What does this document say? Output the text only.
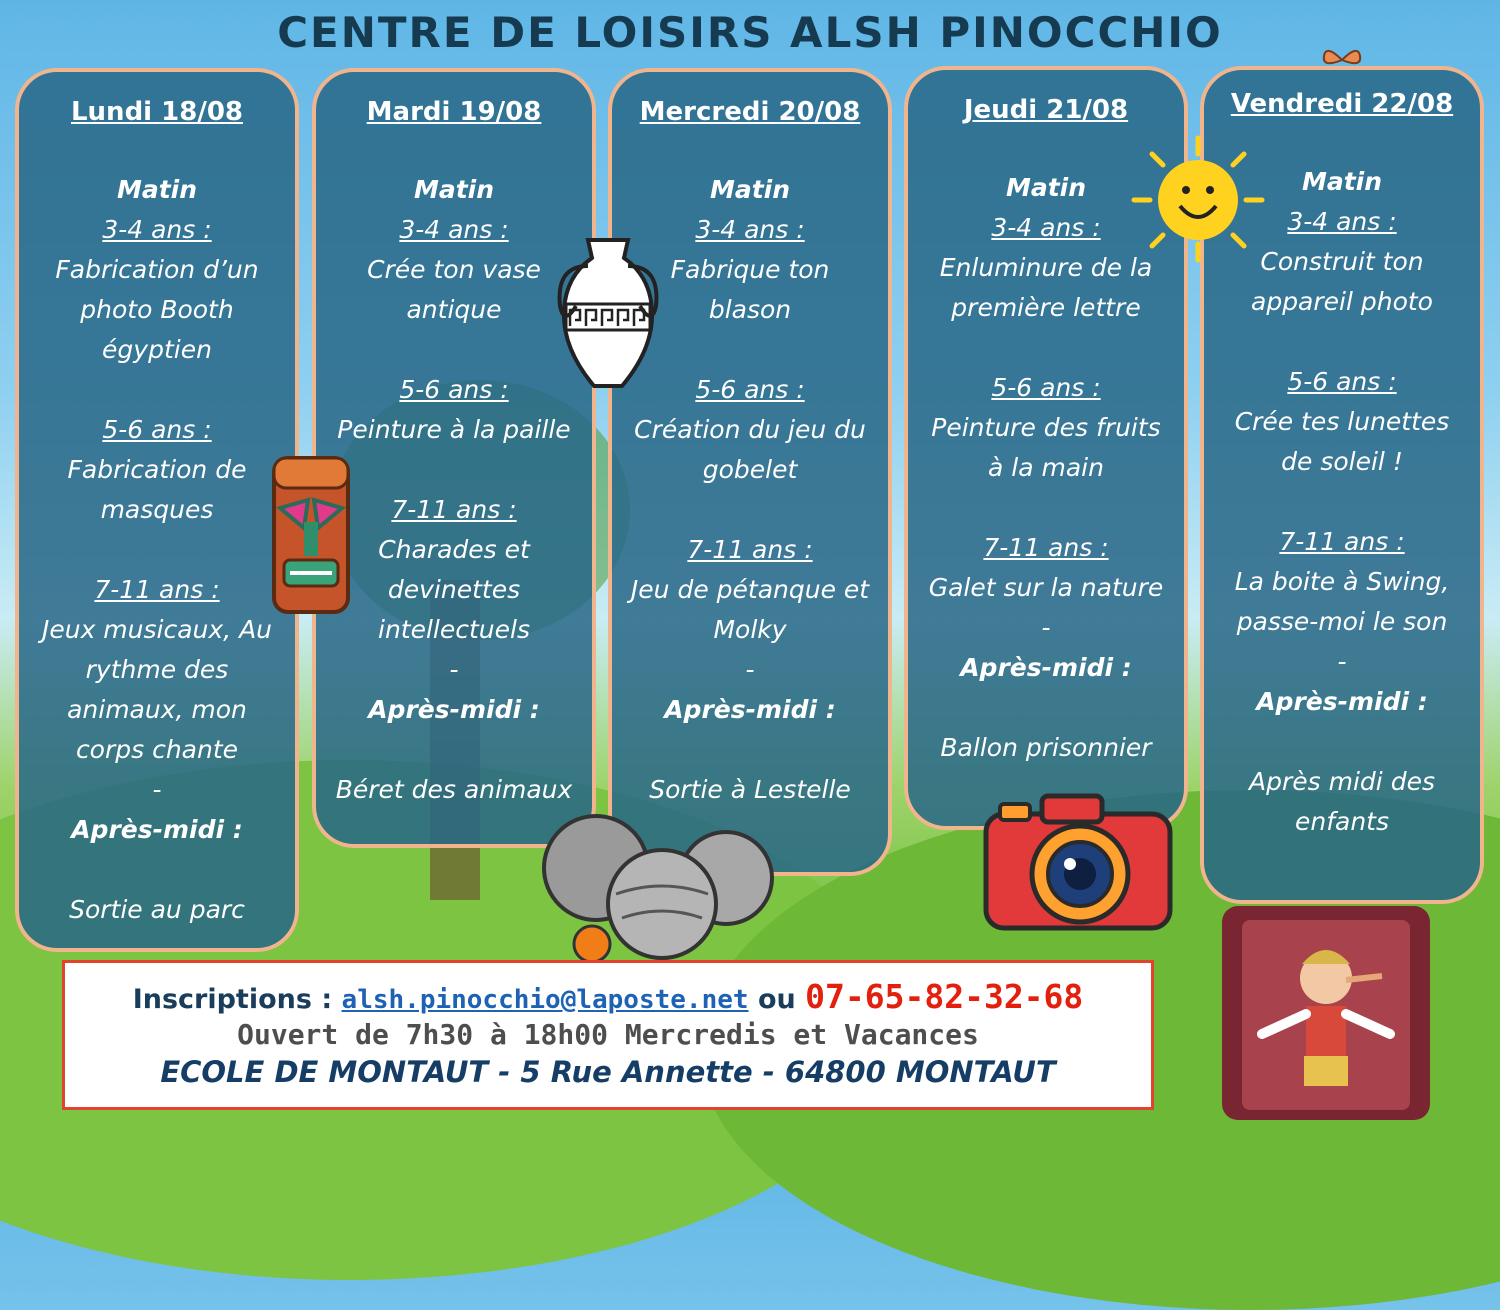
CENTRE DE LOISIRS ALSH PINOCCHIO
Lundi 18/08
Matin
3-4 ans :
Fabrication d’un
photo Booth
égyptien
5-6 ans :
Fabrication de
masques
7-11 ans :
Jeux musicaux, Au
rythme des
animaux, mon
corps chante
-
Après-midi :
Sortie au parc
Mardi 19/08
Matin
3-4 ans :
Crée ton vase
antique
5-6 ans :
Peinture à la paille
7-11 ans :
Charades et
devinettes
intellectuels
-
Après-midi :
Béret des animaux
Mercredi 20/08
Matin
3-4 ans :
Fabrique ton
blason
5-6 ans :
Création du jeu du
gobelet
7-11 ans :
Jeu de pétanque et
Molky
-
Après-midi :
Sortie à Lestelle
Jeudi 21/08
Matin
3-4 ans :
Enluminure de la
première lettre
5-6 ans :
Peinture des fruits
à la main
7-11 ans :
Galet sur la nature
-
Après-midi :
Ballon prisonnier
Vendredi 22/08
Matin
3-4 ans :
Construit ton
appareil photo
5-6 ans :
Crée tes lunettes
de soleil !
7-11 ans :
La boite à Swing,
passe-moi le son
-
Après-midi :
Après midi des
enfants
Inscriptions : alsh.pinocchio@laposte.net ou 07-65-82-32-68
Ouvert de 7h30 à 18h00 Mercredis et Vacances
ECOLE DE MONTAUT - 5 Rue Annette - 64800 MONTAUT
